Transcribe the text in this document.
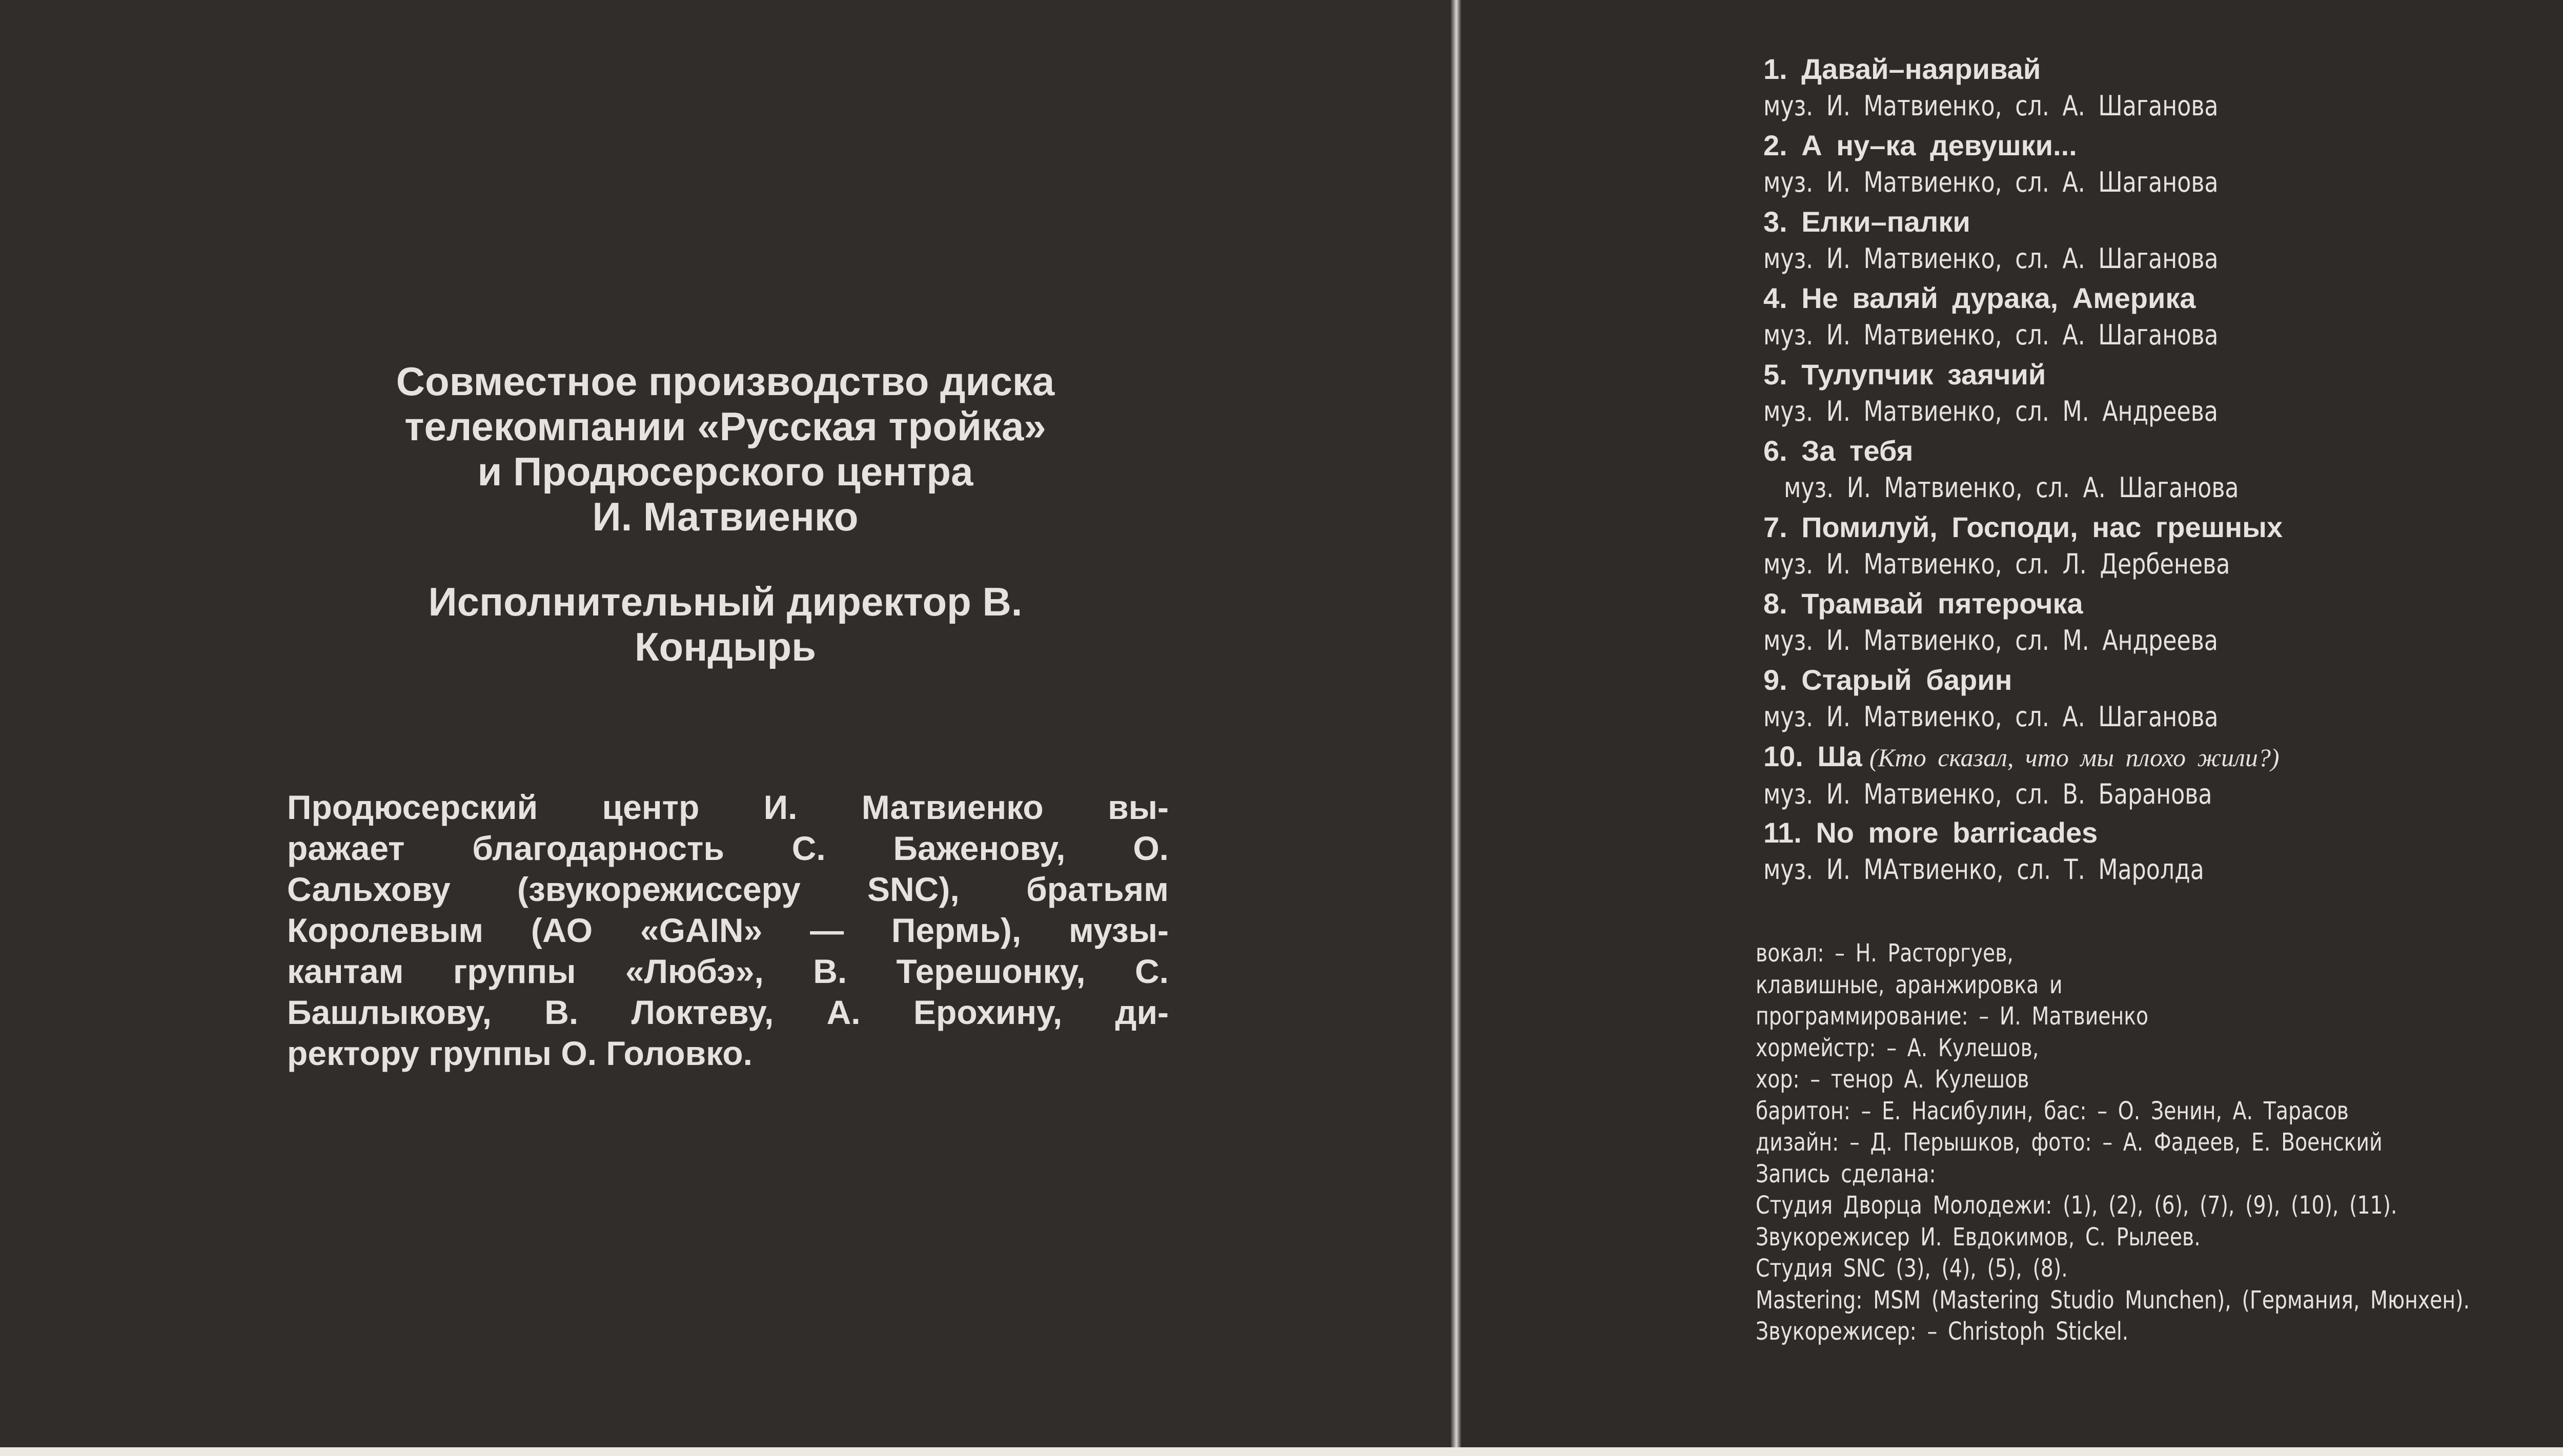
Совместное производство диска
телекомпании «Русская тройка»
и Продюсерского центра
И. Матвиенко
Исполнительный директор В.
Кондырь
Продюсерский центр И. Матвиенко вы-
ражает благодарность С. Баженову, О.
Сальхову (звукорежиссеру SNC), братьям
Королевым (АО «GAIN» — Пермь), музы-
кантам группы «Любэ», В. Терешонку, С.
Башлыкову, В. Локтеву, А. Ерохину, ди-
ректору группы О. Головко.
1. Давай–наяривай
муз. И. Матвиенко, сл. А. Шаганова
2. А ну–ка девушки...
муз. И. Матвиенко, сл. А. Шаганова
3. Елки–палки
муз. И. Матвиенко, сл. А. Шаганова
4. Не валяй дурака, Америка
муз. И. Матвиенко, сл. А. Шаганова
5. Тулупчик заячий
муз. И. Матвиенко, сл. М. Андреева
6. За тебя
муз. И. Матвиенко, сл. А. Шаганова
7. Помилуй, Господи, нас грешных
муз. И. Матвиенко, сл. Л. Дербенева
8. Трамвай пятерочка
муз. И. Матвиенко, сл. М. Андреева
9. Старый барин
муз. И. Матвиенко, сл. А. Шаганова
10. Ша (Кто сказал, что мы плохо жили?)
муз. И. Матвиенко, сл. В. Баранова
11. No more barricades
муз. И. МАтвиенко, сл. Т. Маролда
вокал: – Н. Расторгуев,
клавишные, аранжировка и
программирование: – И. Матвиенко
хормейстр: – А. Кулешов,
хор: – тенор А. Кулешов
баритон: – Е. Насибулин, бас: – О. Зенин, А. Тарасов
дизайн: – Д. Перышков, фото: – А. Фадеев, Е. Военский
Запись сделана:
Студия Дворца Молодежи: (1), (2), (6), (7), (9), (10), (11).
Звукорежисер И. Евдокимов, С. Рылеев.
Студия SNC (3), (4), (5), (8).
Mastering: MSM (Mastering Studio Munchen), (Германия, Мюнхен).
Звукорежисер: – Christoph Stickel.
